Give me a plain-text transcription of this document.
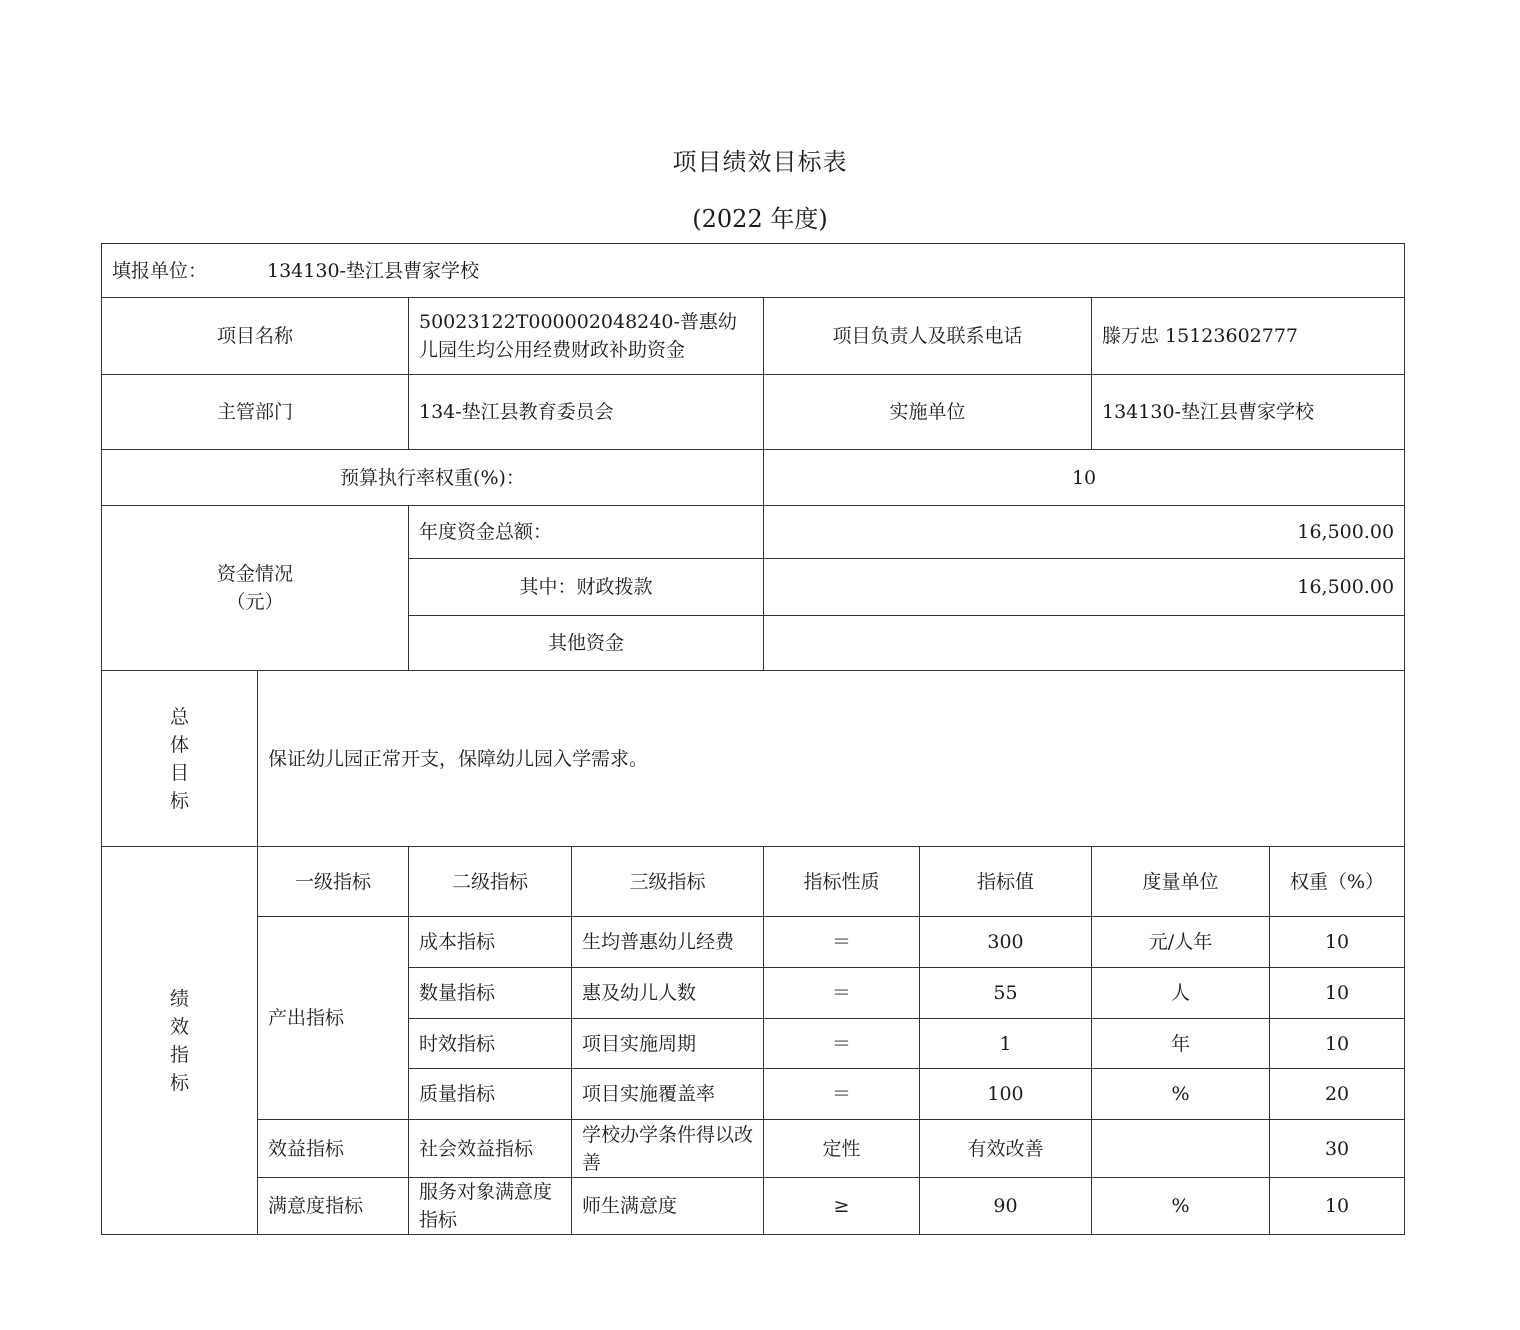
项目绩效目标表
(2022 年度)
填报单位： 134130-垫江县曹家学校							
项目名称		50023122T000002048240-普惠幼儿园生均公用经费财政补助资金		项目负责人及联系电话		滕万忠 15123602777	
主管部门		134-垫江县教育委员会		实施单位		134130-垫江县曹家学校	
预算执行率权重(%)：				10			

资金情况
（元）		年度资金总额：		16,500.00			
		其中：财政拨款		16,500.00			
		其他资金					

总
体
目
标	保证幼儿园正常开支，保障幼儿园入学需求。						

绩
效
指
标	一级指标	二级指标	三级指标	指标性质	指标值	度量单位	权重（%）
	产出指标	成本指标	生均普惠幼儿经费	＝	300	元/人年	10
		数量指标	惠及幼儿人数	＝	55	人	10
		时效指标	项目实施周期	＝	1	年	10
		质量指标	项目实施覆盖率	＝	100	%	20
	效益指标	社会效益指标	学校办学条件得以改善	定性	有效改善		30
	满意度指标	服务对象满意度指标	师生满意度	≥	90	%	10
